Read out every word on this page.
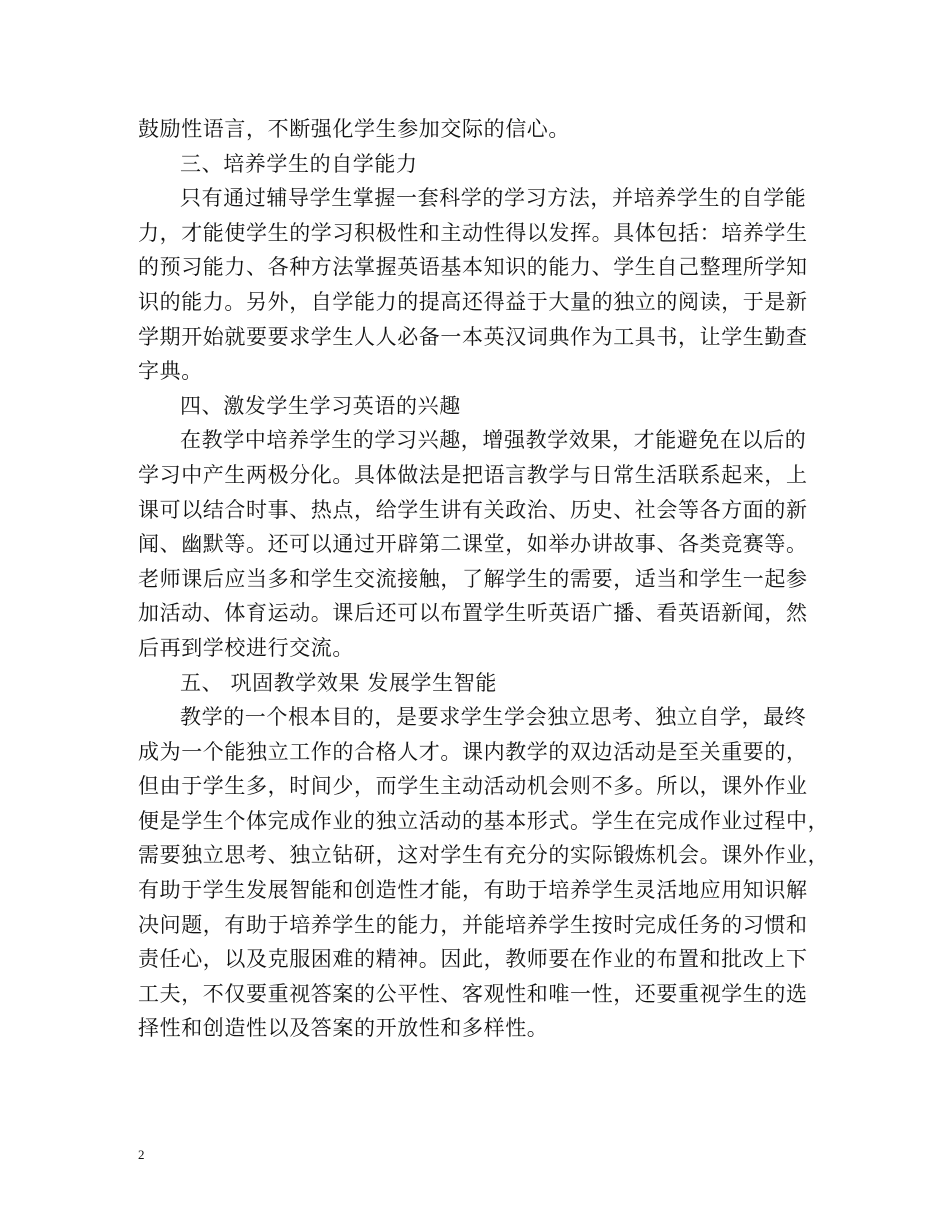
鼓励性语言，不断强化学生参加交际的信心。
三、培养学生的自学能力
只有通过辅导学生掌握一套科学的学习方法，并培养学生的自学能
力，才能使学生的学习积极性和主动性得以发挥。具体包括：培养学生
的预习能力、各种方法掌握英语基本知识的能力、学生自己整理所学知
识的能力。另外，自学能力的提高还得益于大量的独立的阅读，于是新
学期开始就要要求学生人人必备一本英汉词典作为工具书，让学生勤查
字典。
四、激发学生学习英语的兴趣
在教学中培养学生的学习兴趣，增强教学效果，才能避免在以后的
学习中产生两极分化。具体做法是把语言教学与日常生活联系起来，上
课可以结合时事、热点，给学生讲有关政治、历史、社会等各方面的新
闻、幽默等。还可以通过开辟第二课堂，如举办讲故事、各类竞赛等。
老师课后应当多和学生交流接触，了解学生的需要，适当和学生一起参
加活动、体育运动。课后还可以布置学生听英语广播、看英语新闻，然
后再到学校进行交流。
五、 巩固教学效果 发展学生智能
教学的一个根本目的，是要求学生学会独立思考、独立自学，最终
成为一个能独立工作的合格人才。课内教学的双边活动是至关重要的，
但由于学生多，时间少，而学生主动活动机会则不多。所以，课外作业
便是学生个体完成作业的独立活动的基本形式。学生在完成作业过程中，
需要独立思考、独立钻研，这对学生有充分的实际锻炼机会。课外作业，
有助于学生发展智能和创造性才能，有助于培养学生灵活地应用知识解
决问题，有助于培养学生的能力，并能培养学生按时完成任务的习惯和
责任心，以及克服困难的精神。因此，教师要在作业的布置和批改上下
工夫，不仅要重视答案的公平性、客观性和唯一性，还要重视学生的选
择性和创造性以及答案的开放性和多样性。
2
